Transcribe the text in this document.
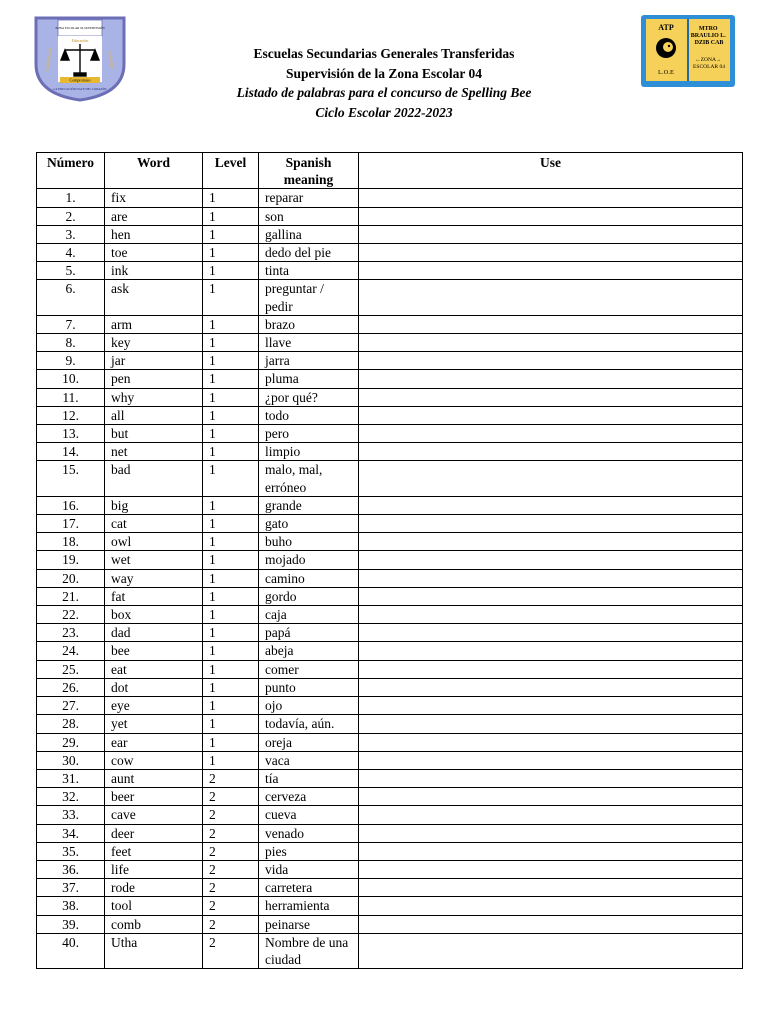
ZONA ESCOLAR 04 SUPERVISIÓN
Educación
Compromiso
Colaboración	Liderazgo
LA EDUCACIÓN NACE DEL CORAZÓN
ATP
L.O.E
MTRO BRAULIO L. DZIB CAB
←ZONA→ ESCOLAR 04
Escuelas Secundarias Generales Transferidas
Supervisión de la Zona Escolar 04
Listado de palabras para el concurso de Spelling Bee
Ciclo Escolar 2022-2023
Número	Word	Level	Spanish meaning	Use
1.	fix	1	reparar	
2.	are	1	son	
3.	hen	1	gallina	
4.	toe	1	dedo del pie	
5.	ink	1	tinta	
6.	ask	1	preguntar / pedir	
7.	arm	1	brazo	
8.	key	1	llave	
9.	jar	1	jarra	
10.	pen	1	pluma	
11.	why	1	¿por qué?	
12.	all	1	todo	
13.	but	1	pero	
14.	net	1	limpio	
15.	bad	1	malo, mal, erróneo	
16.	big	1	grande	
17.	cat	1	gato	
18.	owl	1	buho	
19.	wet	1	mojado	
20.	way	1	camino	
21.	fat	1	gordo	
22.	box	1	caja	
23.	dad	1	papá	
24.	bee	1	abeja	
25.	eat	1	comer	
26.	dot	1	punto	
27.	eye	1	ojo	
28.	yet	1	todavía, aún.	
29.	ear	1	oreja	
30.	cow	1	vaca	
31.	aunt	2	tía	
32.	beer	2	cerveza	
33.	cave	2	cueva	
34.	deer	2	venado	
35.	feet	2	pies	
36.	life	2	vida	
37.	rode	2	carretera	
38.	tool	2	herramienta	
39.	comb	2	peinarse	
40.	Utha	2	Nombre de una ciudad	
